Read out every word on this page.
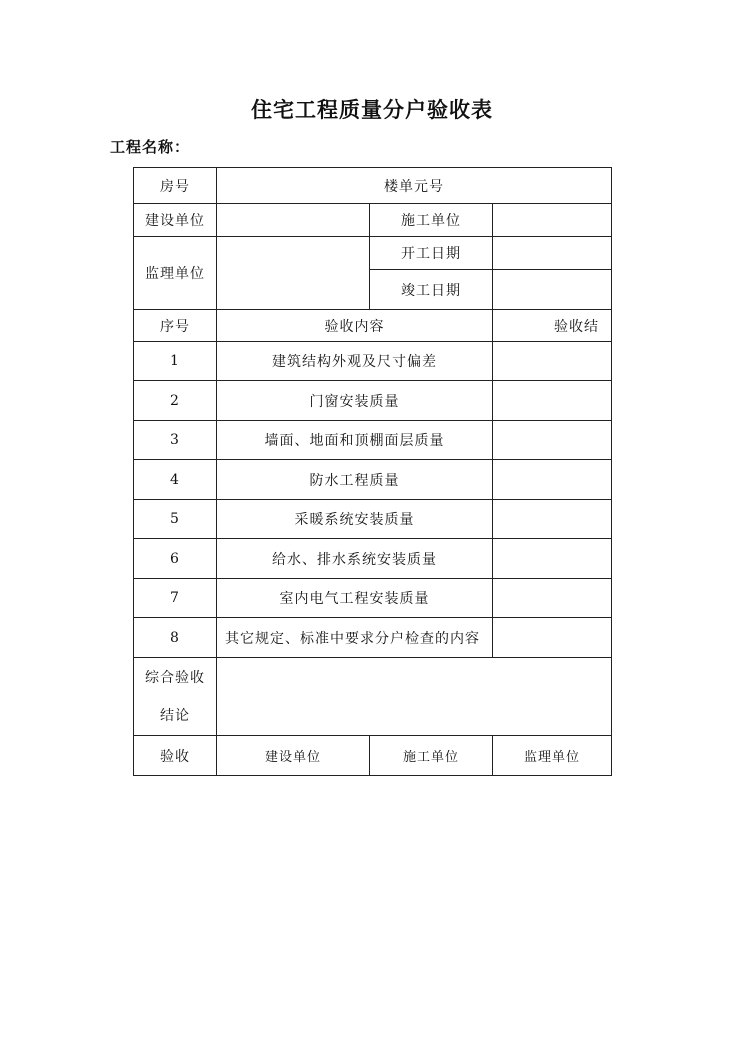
住宅工程质量分户验收表
工程名称：
房号	楼单元号		
建设单位		施工单位	
监理单位		开工日期	
		竣工日期	
序号	验收内容		验收结
1	建筑结构外观及尺寸偏差		
2	门窗安装质量		
3	墙面、地面和顶棚面层质量		
4	防水工程质量		
5	采暖系统安装质量		
6	给水、排水系统安装质量		
7	室内电气工程安装质量		
8	其它规定、标准中要求分户检查的内容		

综合验收
结论			

验收	建设单位	施工单位	监理单位
